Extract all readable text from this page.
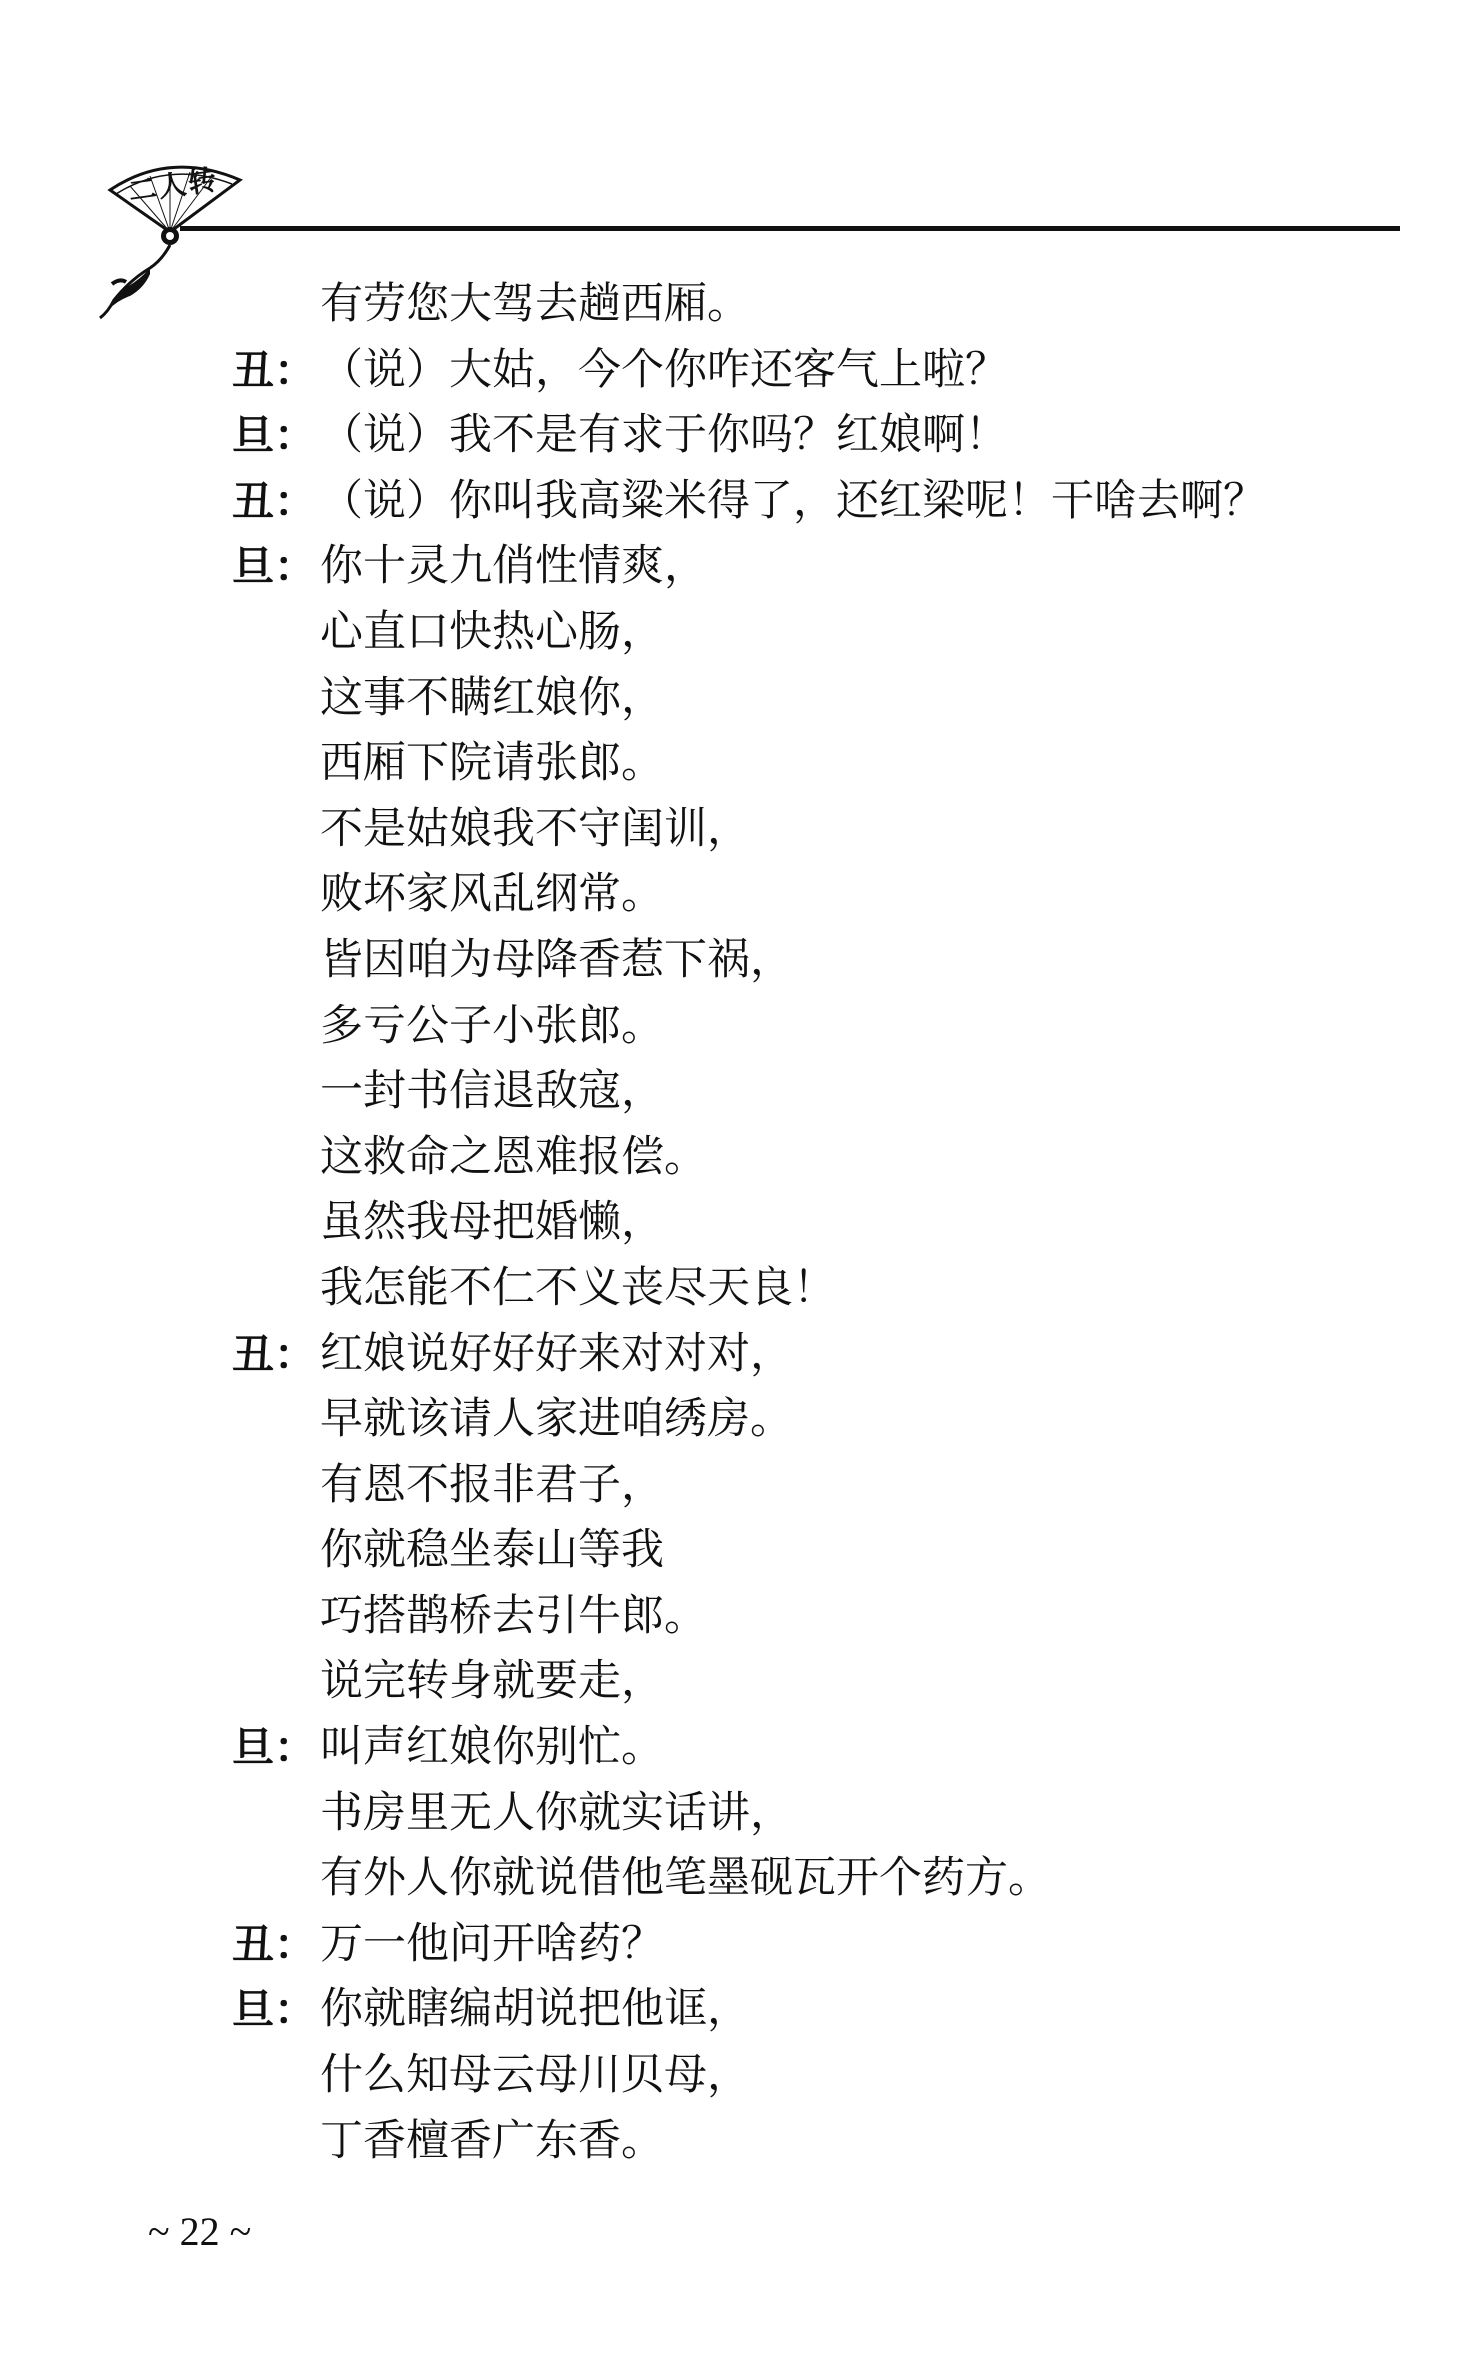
二人转
有劳您大驾去趟西厢。
丑： （说）大姑，今个你咋还客气上啦？
旦： （说）我不是有求于你吗？红娘啊！
丑： （说）你叫我高粱米得了，还红梁呢！干啥去啊？
旦： 你十灵九俏性情爽，
心直口快热心肠，
这事不瞒红娘你，
西厢下院请张郎。
不是姑娘我不守闺训，
败坏家风乱纲常。
皆因咱为母降香惹下祸，
多亏公子小张郎。
一封书信退敌寇，
这救命之恩难报偿。
虽然我母把婚懒，
我怎能不仁不义丧尽天良！
丑： 红娘说好好好来对对对，
早就该请人家进咱绣房。
有恩不报非君子，
你就稳坐泰山等我
巧搭鹊桥去引牛郎。
说完转身就要走，
旦： 叫声红娘你别忙。
书房里无人你就实话讲，
有外人你就说借他笔墨砚瓦开个药方。
丑： 万一他问开啥药？
旦： 你就瞎编胡说把他诓，
什么知母云母川贝母，
丁香檀香广东香。
~ 22 ~
